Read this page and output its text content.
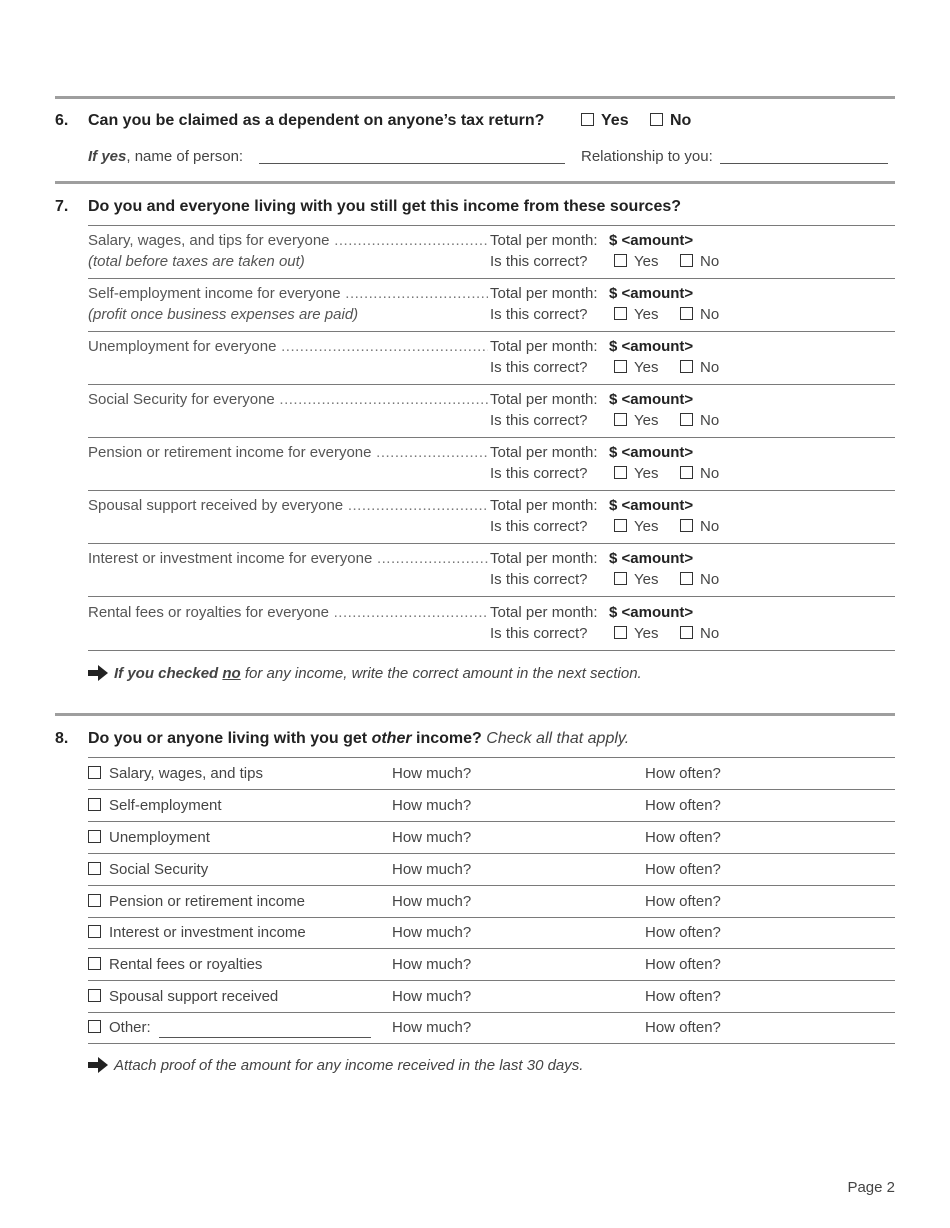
6. Can you be claimed as a dependent on anyone’s tax return?	Yes	No
If yes, name of person:	Relationship to you:
7. Do you and everyone living with you still get this income from these sources?
Salary, wages, and tips for everyone .....
(total before taxes are taken out)
Total per month: $ <amount>
Is this correct?	Yes	No
Self-employment income for everyone .....
(profit once business expenses are paid)
Total per month: $ <amount>
Is this correct?	Yes	No
Unemployment for everyone .....	Total per month: $ <amount>
Is this correct?	Yes	No
Social Security for everyone .....	Total per month: $ <amount>
Is this correct?	Yes	No
Pension or retirement income for everyone .....	Total per month: $ <amount>
Is this correct?	Yes	No
Spousal support received by everyone .....	Total per month: $ <amount>
Is this correct?	Yes	No
Interest or investment income for everyone .....	Total per month: $ <amount>
Is this correct?	Yes	No
Rental fees or royalties for everyone .....	Total per month: $ <amount>
Is this correct?	Yes	No
If you checked no for any income, write the correct amount in the next section.
8. Do you or anyone living with you get other income? Check all that apply.
Salary, wages, and tips	How much?	How often?
Self-employment	How much?	How often?
Unemployment	How much?	How often?
Social Security	How much?	How often?
Pension or retirement income	How much?	How often?
Interest or investment income	How much?	How often?
Rental fees or royalties	How much?	How often?
Spousal support received	How much?	How often?
Other:	How much?	How often?
Attach proof of the amount for any income received in the last 30 days.
Page 2
